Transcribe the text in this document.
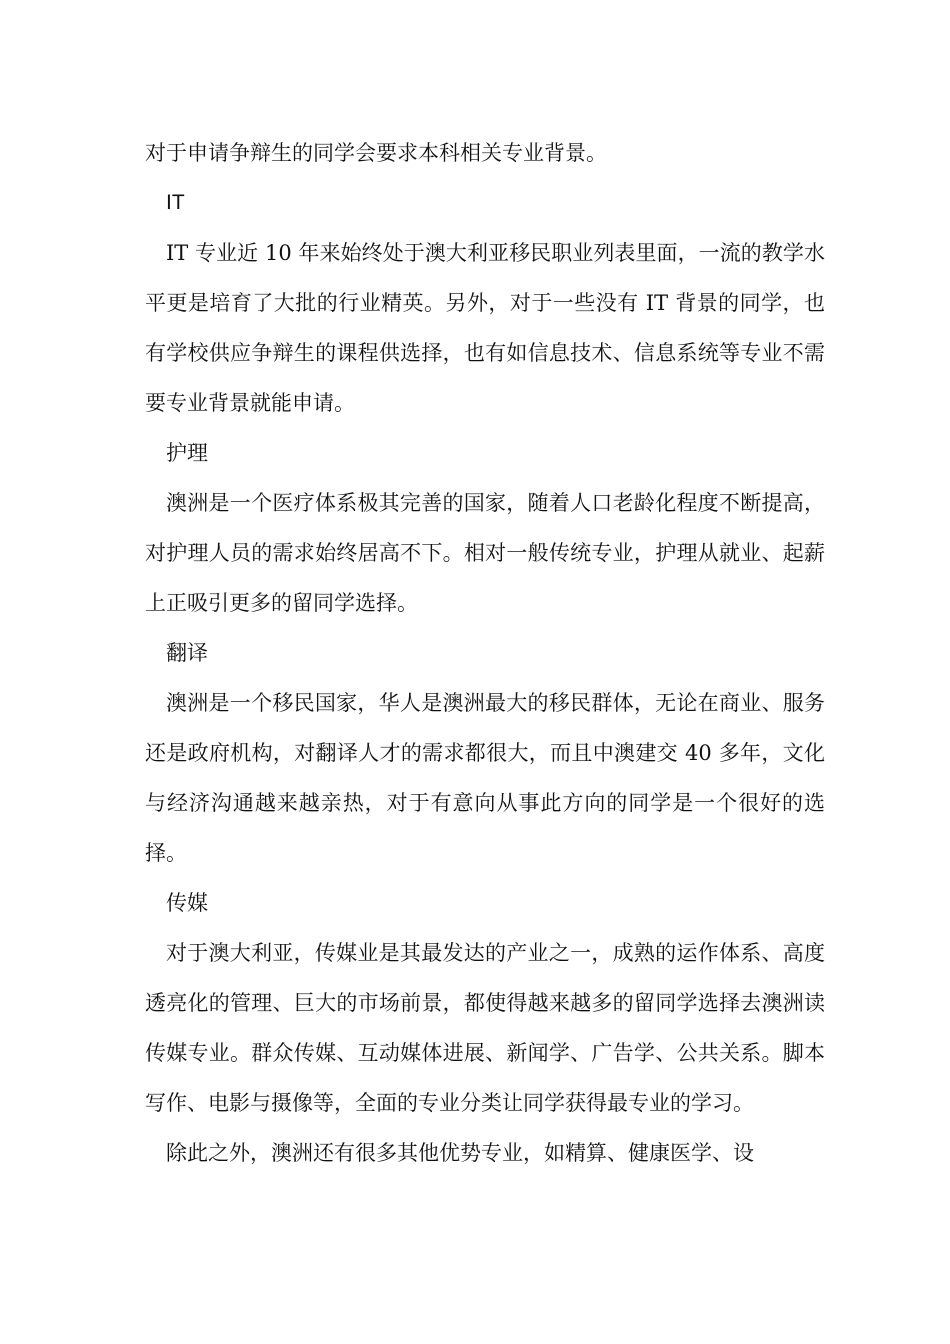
对于申请争辩生的同学会要求本科相关专业背景。

IT

IT 专业近 10 年来始终处于澳大利亚移民职业列表里面，一流的教学水平更是培育了大批的行业精英。另外，对于一些没有 IT 背景的同学，也有学校供应争辩生的课程供选择，也有如信息技术、信息系统等专业不需要专业背景就能申请。

护理

澳洲是一个医疗体系极其完善的国家，随着人口老龄化程度不断提高，对护理人员的需求始终居高不下。相对一般传统专业，护理从就业、起薪上正吸引更多的留同学选择。

翻译

澳洲是一个移民国家，华人是澳洲最大的移民群体，无论在商业、服务还是政府机构，对翻译人才的需求都很大，而且中澳建交 40 多年，文化与经济沟通越来越亲热，对于有意向从事此方向的同学是一个很好的选择。

传媒

对于澳大利亚，传媒业是其最发达的产业之一，成熟的运作体系、高度透亮化的管理、巨大的市场前景，都使得越来越多的留同学选择去澳洲读传媒专业。群众传媒、互动媒体进展、新闻学、广告学、公共关系。脚本写作、电影与摄像等，全面的专业分类让同学获得最专业的学习。

除此之外，澳洲还有很多其他优势专业，如精算、健康医学、设
